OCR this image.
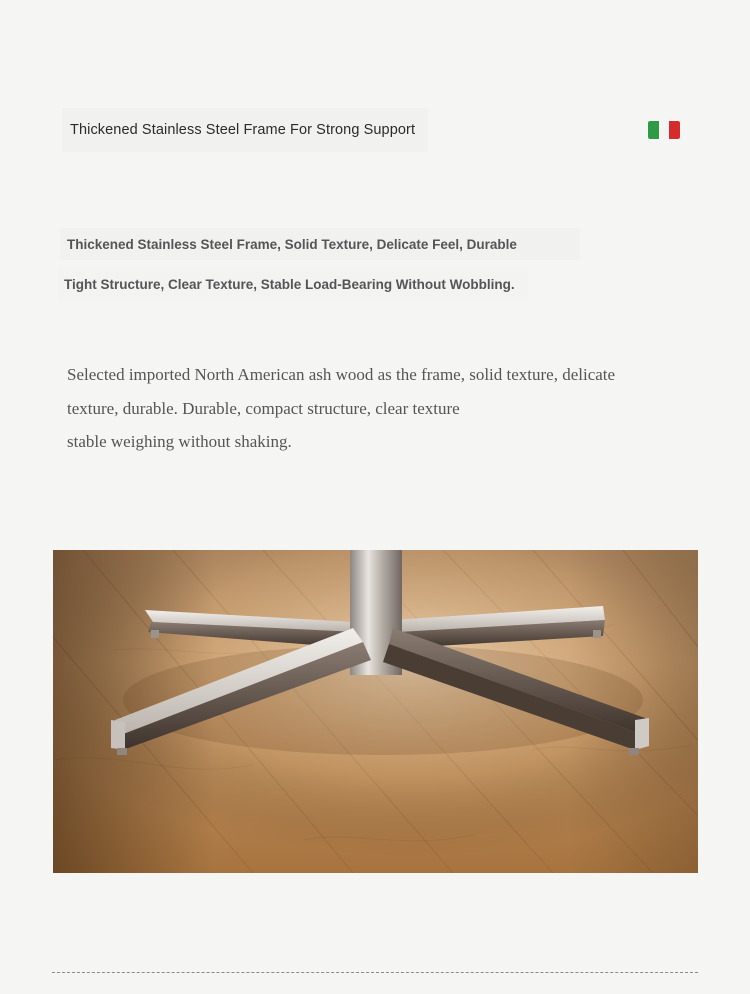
Thickened Stainless Steel Frame For Strong Support
Thickened Stainless Steel Frame, Solid Texture, Delicate Feel, Durable
Tight Structure, Clear Texture, Stable Load-Bearing Without Wobbling.

Selected imported North American ash wood as the frame, solid texture, delicate

texture, durable. Durable, compact structure, clear texture

stable weighing without shaking.
